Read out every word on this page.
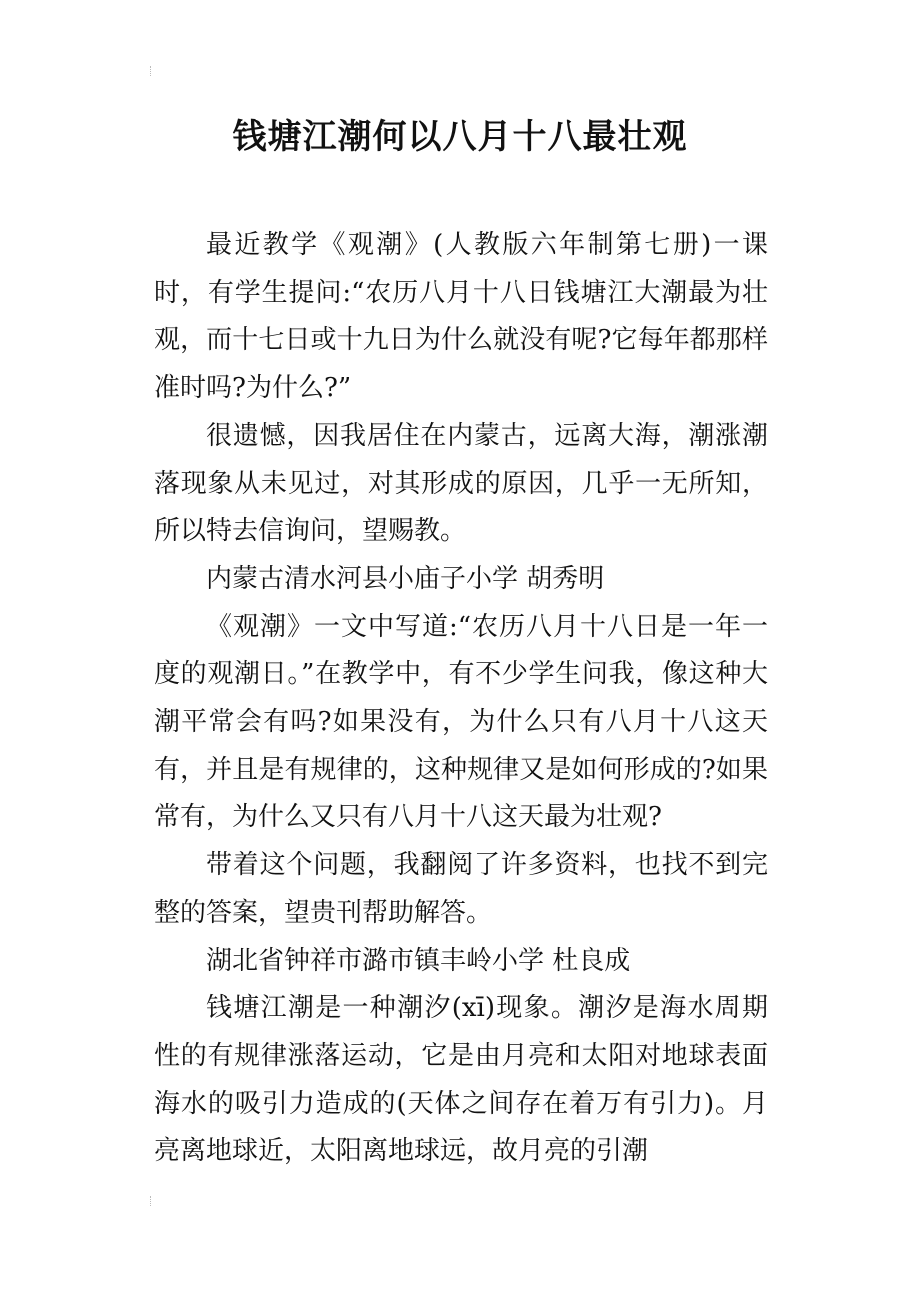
钱塘江潮何以八月十八最壮观

最近教学《观潮》(人教版六年制第七册)一课时，有学生提问:“农历八月十八日钱塘江大潮最为壮观，而十七日或十九日为什么就没有呢?它每年都那样准时吗?为什么?”

很遗憾，因我居住在内蒙古，远离大海，潮涨潮落现象从未见过，对其形成的原因，几乎一无所知，所以特去信询问，望赐教。

内蒙古清水河县小庙子小学 胡秀明

《观潮》一文中写道:“农历八月十八日是一年一度的观潮日。”在教学中，有不少学生问我，像这种大潮平常会有吗?如果没有，为什么只有八月十八这天有，并且是有规律的，这种规律又是如何形成的?如果常有，为什么又只有八月十八这天最为壮观?

带着这个问题，我翻阅了许多资料，也找不到完整的答案，望贵刊帮助解答。

湖北省钟祥市潞市镇丰岭小学 杜良成

钱塘江潮是一种潮汐(xī)现象。潮汐是海水周期性的有规律涨落运动，它是由月亮和太阳对地球表面海水的吸引力造成的(天体之间存在着万有引力)。月亮离地球近，太阳离地球远，故月亮的引潮
